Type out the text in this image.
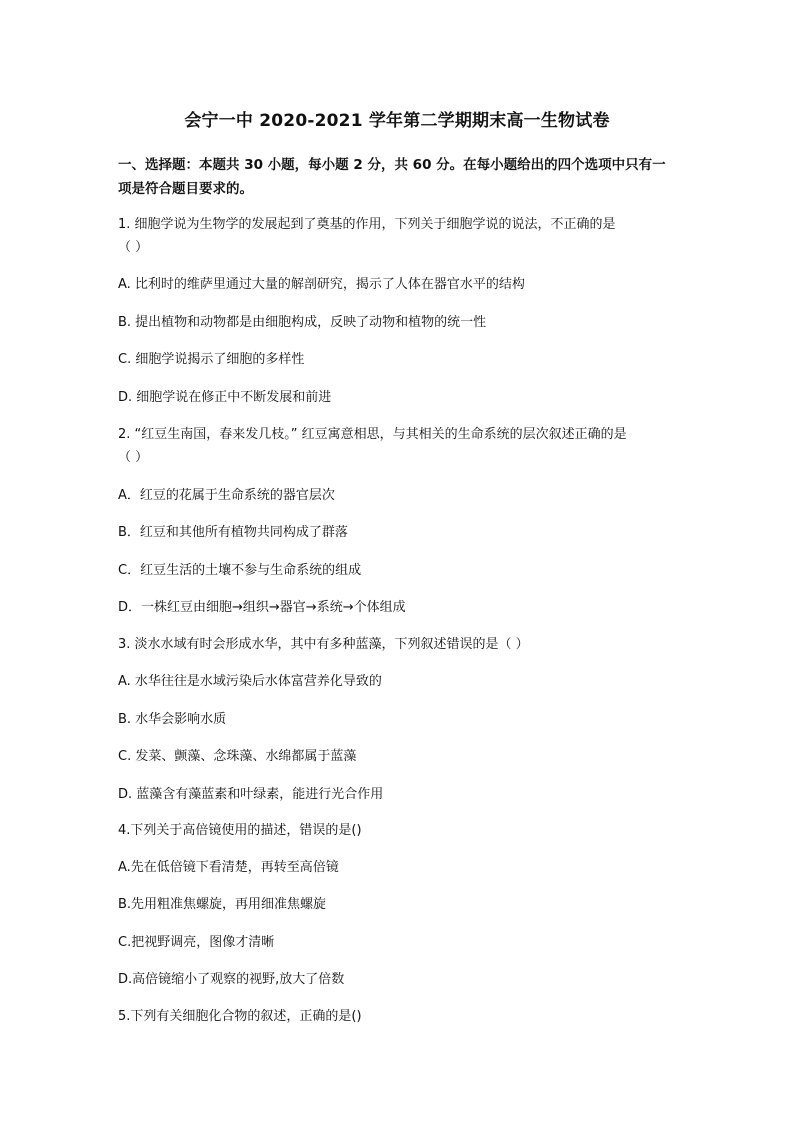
会宁一中 2020-2021 学年第二学期期末高一生物试卷
一、选择题：本题共 30 小题，每小题 2 分，共 60 分。在每小题给出的四个选项中只有一项是符合题目要求的。
1. 细胞学说为生物学的发展起到了奠基的作用，下列关于细胞学说的说法，不正确的是
（ ）
A. 比利时的维萨里通过大量的解剖研究，揭示了人体在器官水平的结构
B. 提出植物和动物都是由细胞构成，反映了动物和植物的统一性
C. 细胞学说揭示了细胞的多样性
D. 细胞学说在修正中不断发展和前进
2. “红豆生南国，春来发几枝。” 红豆寓意相思，与其相关的生命系统的层次叙述正确的是
（ ）
A．红豆的花属于生命系统的器官层次
B．红豆和其他所有植物共同构成了群落
C．红豆生活的土壤不参与生命系统的组成
D．一株红豆由细胞→组织→器官→系统→个体组成
3. 淡水水域有时会形成水华，其中有多种蓝藻，下列叙述错误的是（ ）
A. 水华往往是水域污染后水体富营养化导致的
B. 水华会影响水质
C. 发菜、颤藻、念珠藻、水绵都属于蓝藻
D. 蓝藻含有藻蓝素和叶绿素，能进行光合作用
4.下列关于高倍镜使用的描述，错误的是()
A.先在低倍镜下看清楚，再转至高倍镜
B.先用粗准焦螺旋，再用细准焦螺旋
C.把视野调亮，图像才清晰
D.高倍镜缩小了观察的视野,放大了倍数
5.下列有关细胞化合物的叙述，正确的是()
